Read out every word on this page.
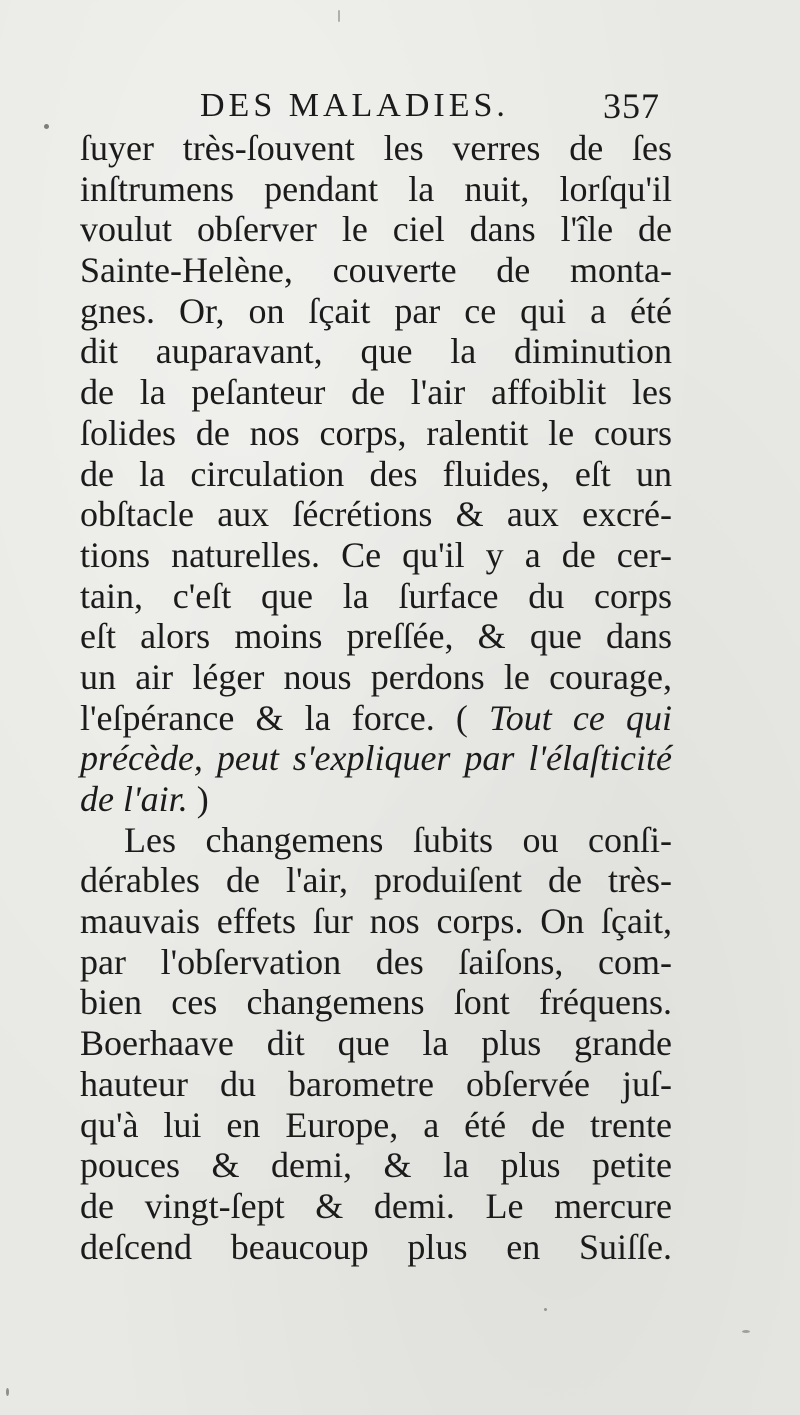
DES MALADIES.	357
ſuyer très-ſouvent les verres de ſes
inſtrumens pendant la nuit, lorſqu'il
voulut obſerver le ciel dans l'île de
Sainte-Helène, couverte de monta-
gnes. Or, on ſçait par ce qui a été
dit auparavant, que la diminution
de la peſanteur de l'air affoiblit les
ſolides de nos corps, ralentit le cours
de la circulation des fluides, eſt un
obſtacle aux ſécrétions & aux excré-
tions naturelles. Ce qu'il y a de cer-
tain, c'eſt que la ſurface du corps
eſt alors moins preſſée, & que dans
un air léger nous perdons le courage,
l'eſpérance & la force. ( Tout ce qui
précède, peut s'expliquer par l'élaſticité
de l'air. )
Les changemens ſubits ou conſi-
dérables de l'air, produiſent de très-
mauvais effets ſur nos corps. On ſçait,
par l'obſervation des ſaiſons, com-
bien ces changemens ſont fréquens.
Boerhaave dit que la plus grande
hauteur du barometre obſervée juſ-
qu'à lui en Europe, a été de trente
pouces & demi, & la plus petite
de vingt-ſept & demi. Le mercure
deſcend beaucoup plus en Suiſſe.
